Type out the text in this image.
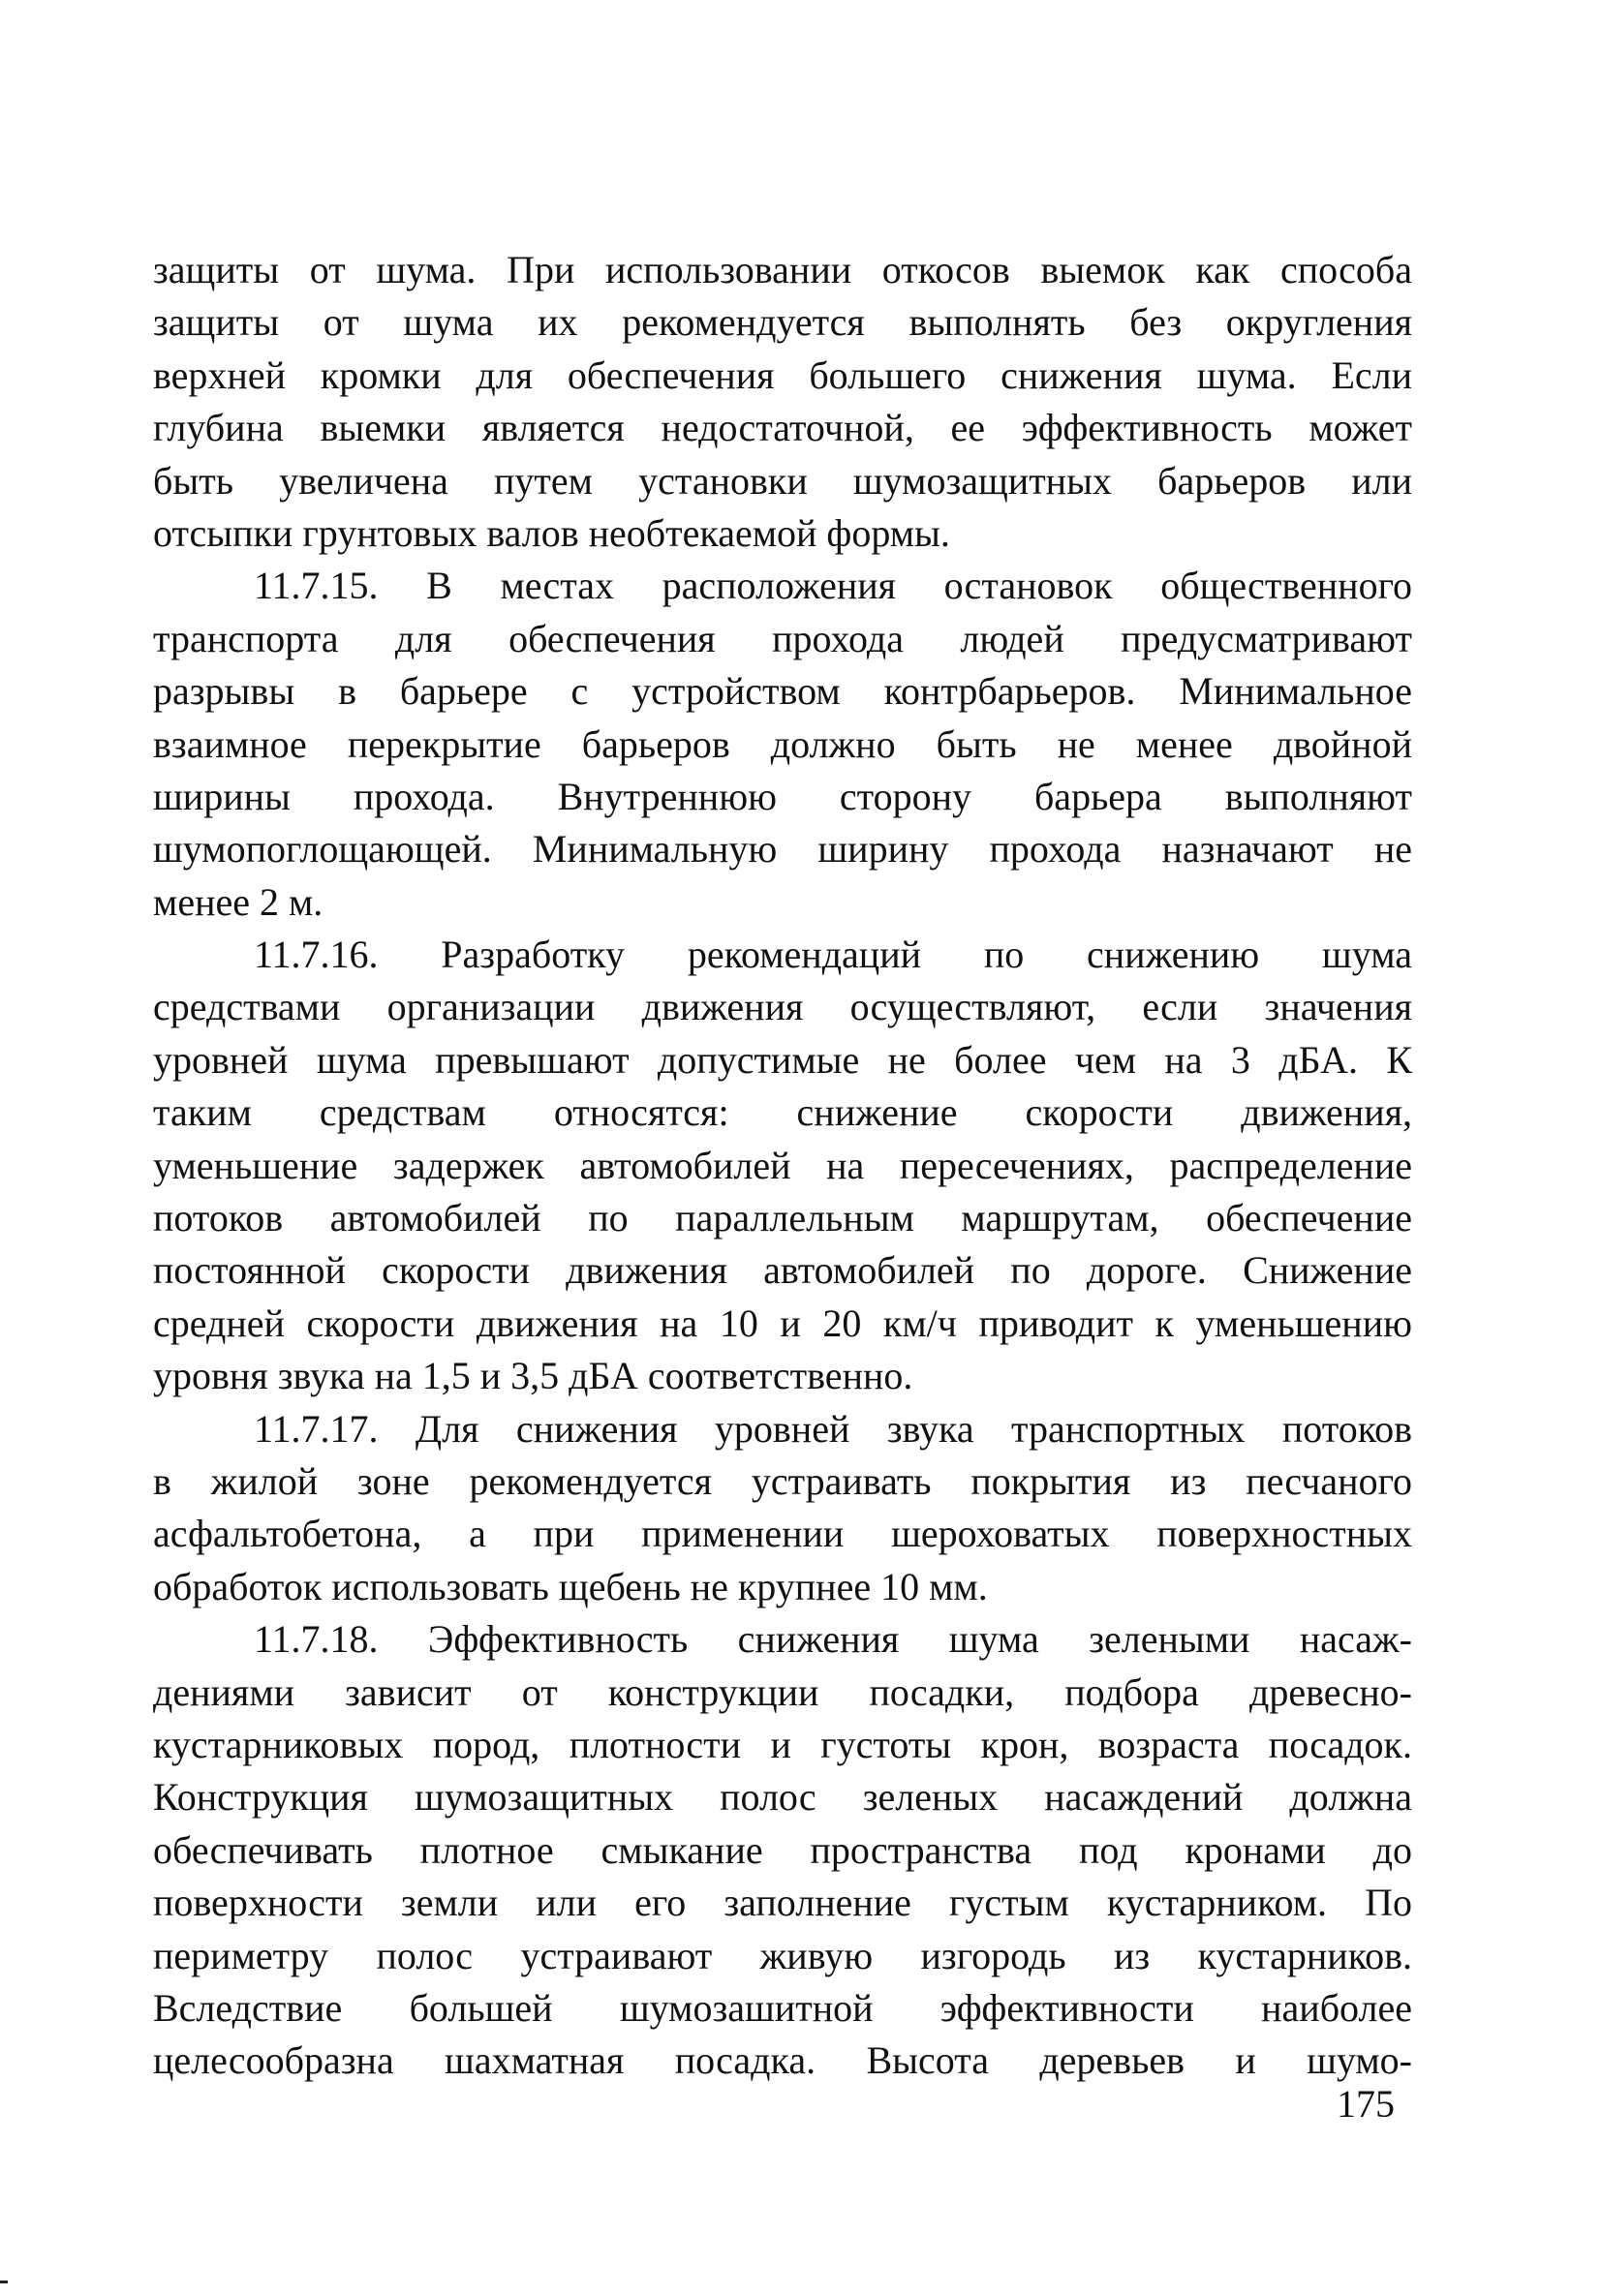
защиты от шума. При использовании откосов выемок как способа
защиты от шума их рекомендуется выполнять без округления
верхней кромки для обеспечения большего снижения шума. Если
глубина выемки является недостаточной, ее эффективность может
быть увеличена путем установки шумозащитных барьеров или
отсыпки грунтовых валов необтекаемой формы.
11.7.15. В местах расположения остановок общественного
транспорта для обеспечения прохода людей предусматривают
разрывы в барьере с устройством контрбарьеров. Минимальное
взаимное перекрытие барьеров должно быть не менее двойной
ширины прохода. Внутреннюю сторону барьера выполняют
шумопоглощающей. Минимальную ширину прохода назначают не
менее 2 м.
11.7.16. Разработку рекомендаций по снижению шума
средствами организации движения осуществляют, если значения
уровней шума превышают допустимые не более чем на 3 дБА. К
таким средствам относятся: снижение скорости движения,
уменьшение задержек автомобилей на пересечениях, распределение
потоков автомобилей по параллельным маршрутам, обеспечение
постоянной скорости движения автомобилей по дороге. Снижение
средней скорости движения на 10 и 20 км/ч приводит к уменьшению
уровня звука на 1,5 и 3,5 дБА соответственно.
11.7.17. Для снижения уровней звука транспортных потоков
в жилой зоне рекомендуется устраивать покрытия из песчаного
асфальтобетона, а при применении шероховатых поверхностных
обработок использовать щебень не крупнее 10 мм.
11.7.18. Эффективность снижения шума зелеными насаж-
дениями зависит от конструкции посадки, подбора древесно-
кустарниковых пород, плотности и густоты крон, возраста посадок.
Конструкция шумозащитных полос зеленых насаждений должна
обеспечивать плотное смыкание пространства под кронами до
поверхности земли или его заполнение густым кустарником. По
периметру полос устраивают живую изгородь из кустарников.
Вследствие большей шумозашитной эффективности наиболее
целесообразна шахматная посадка. Высота деревьев и шумо-
175
